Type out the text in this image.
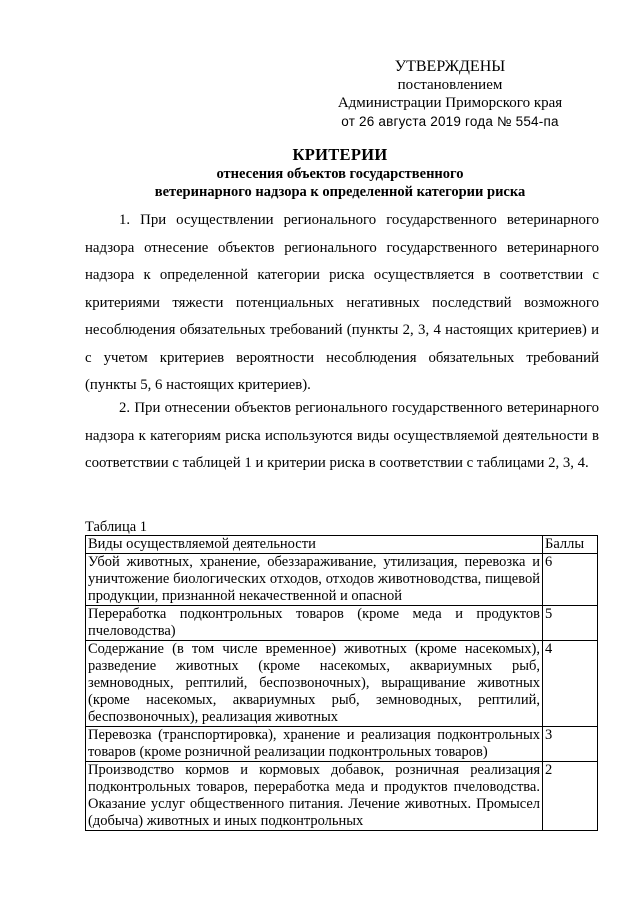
УТВЕРЖДЕНЫ
постановлением
Администрации Приморского края
от 26 августа 2019 года № 554-па
КРИТЕРИИ
отнесения объектов государственного
ветеринарного надзора к определенной категории риска

1. При осуществлении регионального государственного ветеринарного надзора отнесение объектов регионального государственного ветеринарного надзора к определенной категории риска осуществляется в соответствии с критериями тяжести потенциальных негативных последствий возможного несоблюдения обязательных требований (пункты 2, 3, 4 настоящих критериев) и с учетом критериев вероятности несоблюдения обязательных требований (пункты 5, 6 настоящих критериев).

2. При отнесении объектов регионального государственного ветеринарного надзора к категориям риска используются виды осуществляемой деятельности в соответствии с таблицей 1 и критерии риска в соответствии с таблицами 2, 3, 4.

Таблица 1
Виды осуществляемой деятельности	Баллы
Убой животных, хранение, обеззараживание, утилизация, перевозка и уничтожение биологических отходов, отходов животноводства, пищевой продукции, признанной некачественной и опасной	6
Переработка подконтрольных товаров (кроме меда и продуктов пчеловодства)	5
Содержание (в том числе временное) животных (кроме насекомых), разведение животных (кроме насекомых, аквариумных рыб, земноводных, рептилий, беспозвоночных), выращивание животных (кроме насекомых, аквариумных рыб, земноводных, рептилий, беспозвоночных), реализация животных	4
Перевозка (транспортировка), хранение и реализация подконтрольных товаров (кроме розничной реализации подконтрольных товаров)	3
Производство кормов и кормовых добавок, розничная реализация подконтрольных товаров, переработка меда и продуктов пчеловодства. Оказание услуг общественного питания. Лечение животных. Промысел (добыча) животных и иных подконтрольных	2
